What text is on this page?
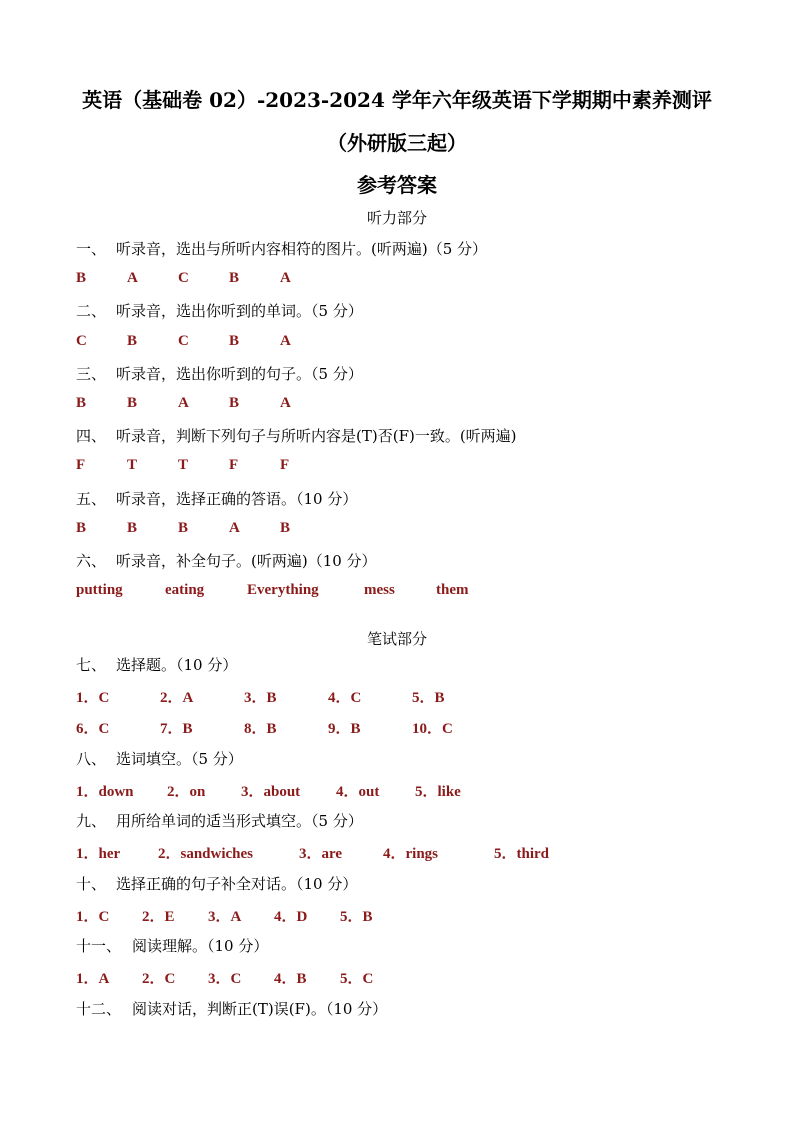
英语（基础卷 02）-2023-2024 学年六年级英语下学期期中素养测评
（外研版三起）
参考答案
听力部分
一、 听录音，选出与所听内容相符的图片。(听两遍)（5 分）
B	A	C	B	A
二、 听录音，选出你听到的单词。（5 分）
C	B	C	B	A
三、 听录音，选出你听到的句子。（5 分）
B	B	A	B	A
四、 听录音，判断下列句子与所听内容是(T)否(F)一致。(听两遍)
F	T	T	F	F
五、 听录音，选择正确的答语。（10 分）
B	B	B	A	B
六、 听录音，补全句子。(听两遍)（10 分）
putting	eating	Everything	mess	them
笔试部分
七、 选择题。（10 分）
1．C	2．A	3．B	4．C	5．B
6．C	7．B	8．B	9．B	10．C
八、 选词填空。（5 分）
1．down 2．on 3．about 4．out 5．like
九、 用所给单词的适当形式填空。（5 分）
1．her	2．sandwiches	3．are	4．rings	5．third
十、 选择正确的句子补全对话。（10 分）
1．C 2．E 3．A 4．D 5．B
十一、 阅读理解。（10 分）
1．A 2．C 3．C 4．B 5．C
十二、 阅读对话，判断正(T)误(F)。（10 分）
